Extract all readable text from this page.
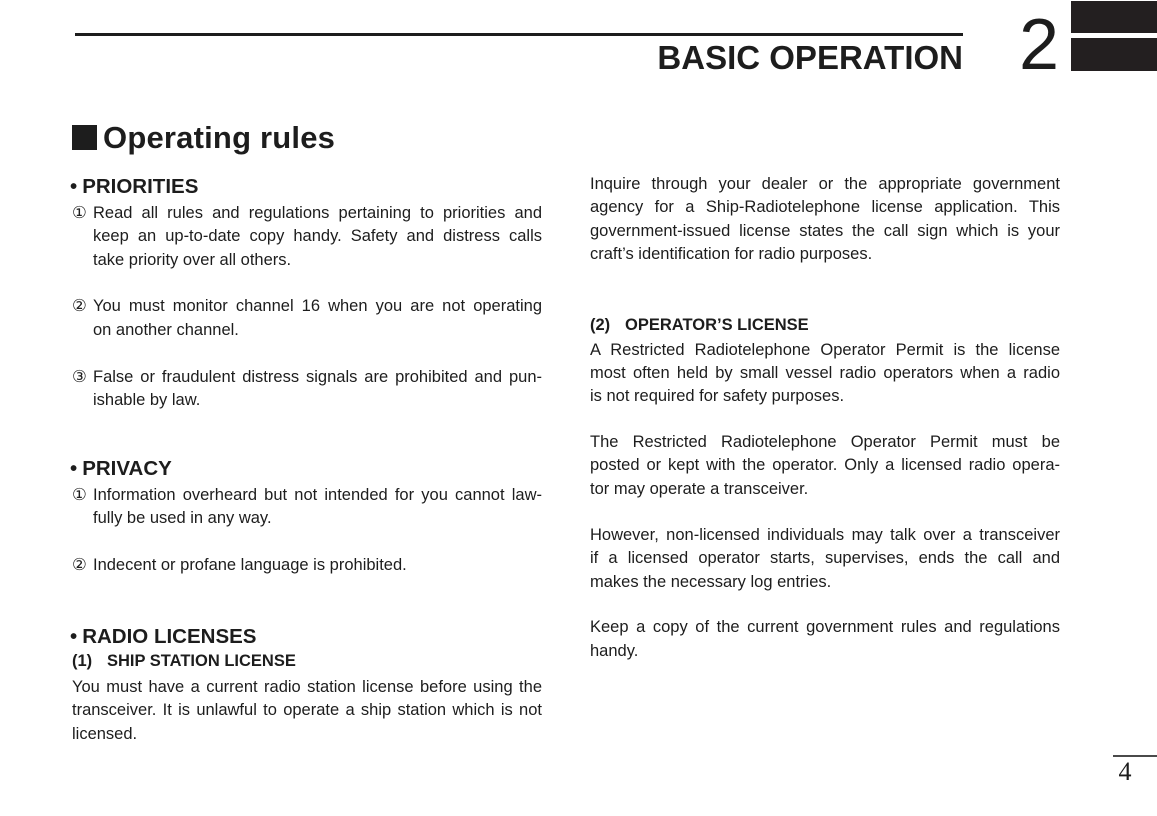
BASIC OPERATION 2
Operating rules
• PRIORITIES

① Read all rules and regulations pertaining to priorities and
keep an up-to-date copy handy. Safety and distress calls
take priority over all others.

② You must monitor channel 16 when you are not operating
on another channel.

③ False or fraudulent distress signals are prohibited and pun-
ishable by law.

• PRIVACY

① Information overheard but not intended for you cannot law-
fully be used in any way.

② Indecent or profane language is prohibited.

• RADIO LICENSES
(1) SHIP STATION LICENSE

You must have a current radio station license before using the
transceiver. It is unlawful to operate a ship station which is not
licensed.

Inquire through your dealer or the appropriate government
agency for a Ship-Radiotelephone license application. This
government-issued license states the call sign which is your
craft’s identification for radio purposes.

(2) OPERATOR’S LICENSE

A Restricted Radiotelephone Operator Permit is the license
most often held by small vessel radio operators when a radio
is not required for safety purposes.

The Restricted Radiotelephone Operator Permit must be
posted or kept with the operator. Only a licensed radio opera-
tor may operate a transceiver.

However, non-licensed individuals may talk over a transceiver
if a licensed operator starts, supervises, ends the call and
makes the necessary log entries.

Keep a copy of the current government rules and regulations
handy.

4
